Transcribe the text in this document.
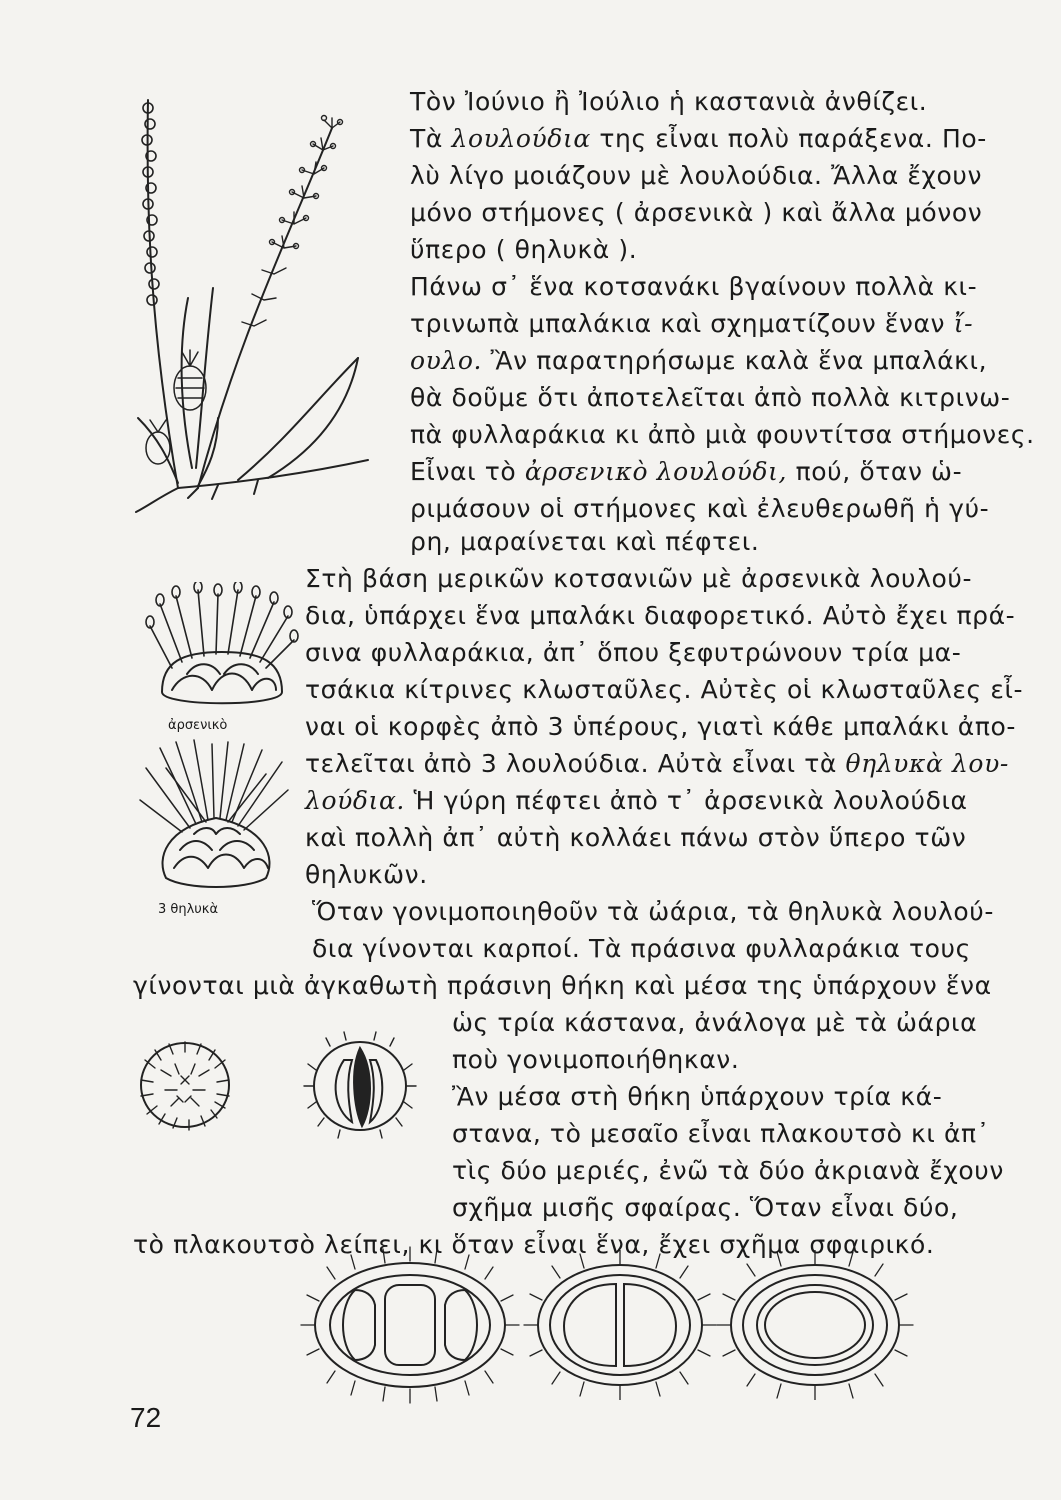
ἀρσενικὸ
3 θηλυκὰ

Τὸν Ἰούνιο ἢ Ἰούλιο ἡ καστανιὰ ἀνθίζει.

Τὰ λουλούδια της εἶναι πολὺ παράξενα. Πο-

λὺ λίγο μοιάζουν μὲ λουλούδια. Ἄλλα ἔχουν

μόνο στήμονες ( ἀρσενικὰ ) καὶ ἄλλα μόνον

ὕπερο ( θηλυκὰ ).

Πάνω σ᾽ ἕνα κοτσανάκι βγαίνουν πολλὰ κι-

τρινωπὰ μπαλάκια καὶ σχηματίζουν ἕναν ἴ-

ουλο. Ἂν παρατηρήσωμε καλὰ ἕνα μπαλάκι,

θὰ δοῦμε ὅτι ἀποτελεῖται ἀπὸ πολλὰ κιτρινω-

πὰ φυλλαράκια κι ἀπὸ μιὰ φουντίτσα στήμονες.

Εἶναι τὸ ἀρσενικὸ λουλούδι, πού, ὅταν ὡ-

ριμάσουν οἱ στήμονες καὶ ἐλευθερωθῆ ἡ γύ-

ρη, μαραίνεται καὶ πέφτει.

Στὴ βάση μερικῶν κοτσανιῶν μὲ ἀρσενικὰ λουλού-

δια, ὑπάρχει ἕνα μπαλάκι διαφορετικό. Αὐτὸ ἔχει πρά-

σινα φυλλαράκια, ἀπ᾽ ὅπου ξεφυτρώνουν τρία μα-

τσάκια κίτρινες κλωσταῦλες. Αὐτὲς οἱ κλωσταῦλες εἶ-

ναι οἱ κορφὲς ἀπὸ 3 ὑπέρους, γιατὶ κάθε μπαλάκι ἀπο-

τελεῖται ἀπὸ 3 λουλούδια. Αὐτὰ εἶναι τὰ θηλυκὰ λου-

λούδια. Ἡ γύρη πέφτει ἀπὸ τ᾽ ἀρσενικὰ λουλούδια

καὶ πολλὴ ἀπ᾽ αὐτὴ κολλάει πάνω στὸν ὕπερο τῶν

θηλυκῶν.

Ὅταν γονιμοποιηθοῦν τὰ ὠάρια, τὰ θηλυκὰ λουλού-

δια γίνονται καρποί. Τὰ πράσινα φυλλαράκια τους

γίνονται μιὰ ἀγκαθωτὴ πράσινη θήκη καὶ μέσα της ὑπάρχουν ἕνα

ὡς τρία κάστανα, ἀνάλογα μὲ τὰ ὠάρια

ποὺ γονιμοποιήθηκαν.

Ἂν μέσα στὴ θήκη ὑπάρχουν τρία κά-

στανα, τὸ μεσαῖο εἶναι πλακουτσὸ κι ἀπ᾽

τὶς δύο μεριές, ἐνῶ τὰ δύο ἀκριανὰ ἔχουν

σχῆμα μισῆς σφαίρας. Ὅταν εἶναι δύο,

τὸ πλακουτσὸ λείπει, κι ὅταν εἶναι ἕνα, ἔχει σχῆμα σφαιρικό.

72
